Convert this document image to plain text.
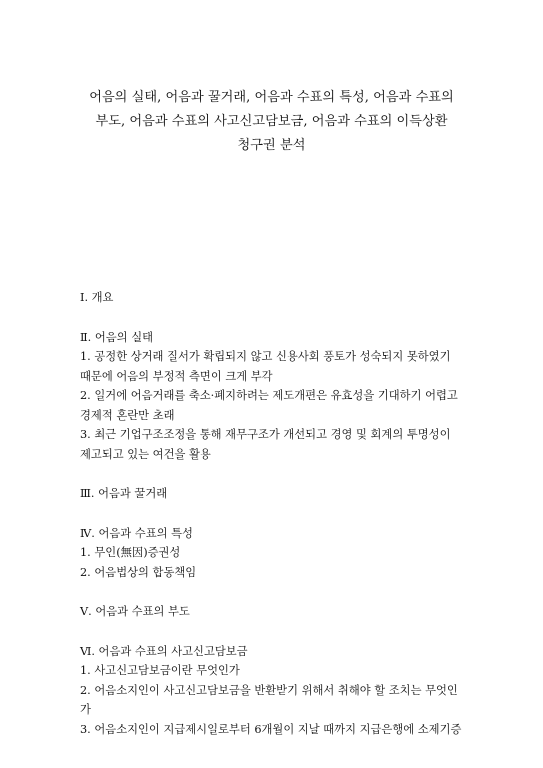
어음의 실태, 어음과 꿀거래, 어음과 수표의 특성, 어음과 수표의
부도, 어음과 수표의 사고신고담보금, 어음과 수표의 이득상환
청구권 분석
Ⅰ. 개요
Ⅱ. 어음의 실태
1. 공정한 상거래 질서가 확립되지 않고 신용사회 풍토가 성숙되지 못하였기
때문에 어음의 부정적 측면이 크게 부각
2. 일거에 어음거래를 축소·폐지하려는 제도개편은 유효성을 기대하기 어렵고
경제적 혼란만 초래
3. 최근 기업구조조정을 통해 재무구조가 개선되고 경영 및 회계의 투명성이
제고되고 있는 여건을 활용
Ⅲ. 어음과 꿀거래
Ⅳ. 어음과 수표의 특성
1. 무인(無因)증권성
2. 어음법상의 합동책임
Ⅴ. 어음과 수표의 부도
Ⅵ. 어음과 수표의 사고신고담보금
1. 사고신고담보금이란 무엇인가
2. 어음소지인이 사고신고담보금을 반환받기 위해서 취해야 할 조치는 무엇인
가
3. 어음소지인이 지급제시일로부터 6개월이 지날 때까지 지급은행에 소제기증
